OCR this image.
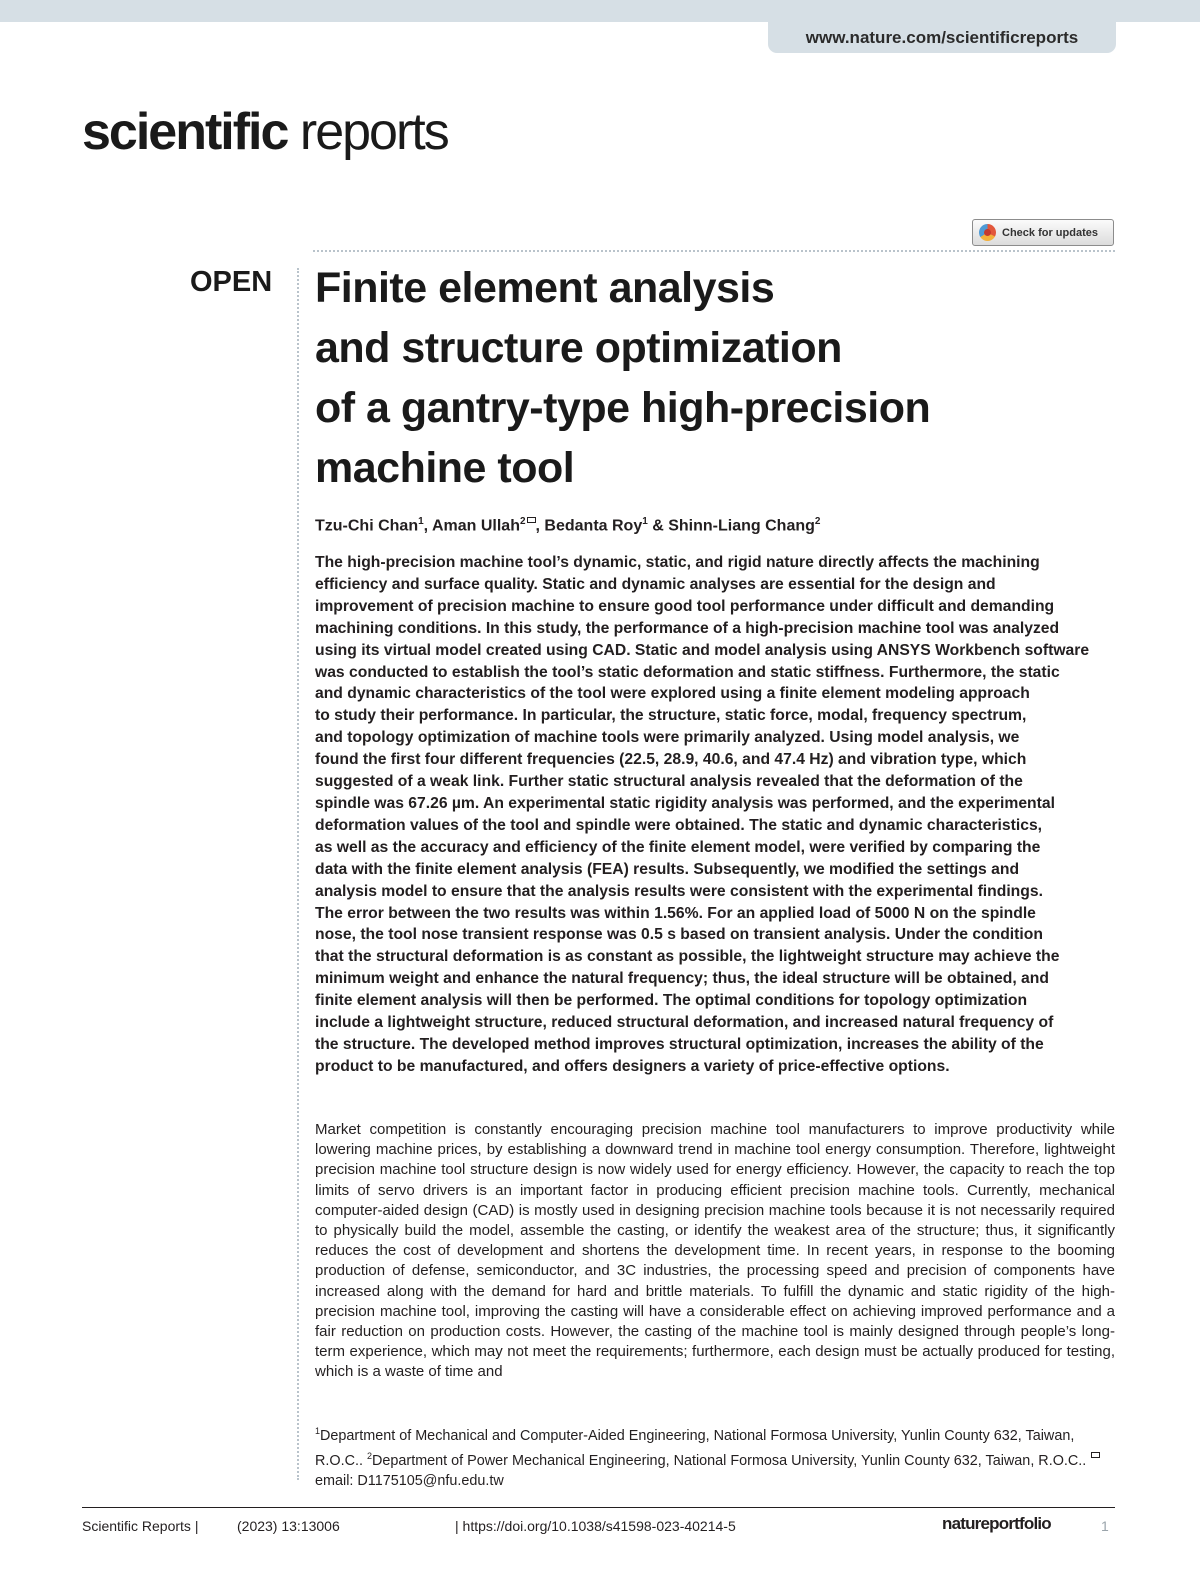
www.nature.com/scientificreports
scientific reports
Check for updates
OPEN Finite element analysis
and structure optimization
of a gantry-type high-precision
machine tool
Tzu-Chi Chan$^1$, Aman Ullah$^2$ , Bedanta Roy$^1$ & Shinn-Liang Chang$^2$
The high-precision machine tool’s dynamic, static, and rigid nature directly affects the machining
efficiency and surface quality. Static and dynamic analyses are essential for the design and
improvement of precision machine to ensure good tool performance under difficult and demanding
machining conditions. In this study, the performance of a high-precision machine tool was analyzed
using its virtual model created using CAD. Static and model analysis using ANSYS Workbench software
was conducted to establish the tool’s static deformation and static stiffness. Furthermore, the static
and dynamic characteristics of the tool were explored using a finite element modeling approach
to study their performance. In particular, the structure, static force, modal, frequency spectrum,
and topology optimization of machine tools were primarily analyzed. Using model analysis, we
found the first four different frequencies (22.5, 28.9, 40.6, and 47.4 Hz) and vibration type, which
suggested of a weak link. Further static structural analysis revealed that the deformation of the
spindle was 67.26 µm. An experimental static rigidity analysis was performed, and the experimental
deformation values of the tool and spindle were obtained. The static and dynamic characteristics,
as well as the accuracy and efficiency of the finite element model, were verified by comparing the
data with the finite element analysis (FEA) results. Subsequently, we modified the settings and
analysis model to ensure that the analysis results were consistent with the experimental findings.
The error between the two results was within 1.56%. For an applied load of 5000 N on the spindle
nose, the tool nose transient response was 0.5 s based on transient analysis. Under the condition
that the structural deformation is as constant as possible, the lightweight structure may achieve the
minimum weight and enhance the natural frequency; thus, the ideal structure will be obtained, and
finite element analysis will then be performed. The optimal conditions for topology optimization
include a lightweight structure, reduced structural deformation, and increased natural frequency of
the structure. The developed method improves structural optimization, increases the ability of the
product to be manufactured, and offers designers a variety of price-effective options.

Market competition is constantly encouraging precision machine tool manufacturers to improve productivity while lowering machine prices, by establishing a downward trend in machine tool energy consumption. Therefore, lightweight precision machine tool structure design is now widely used for energy efficiency. However, the capacity to reach the top limits of servo drivers is an important factor in producing efficient precision machine tools. Currently, mechanical computer-aided design (CAD) is mostly used in designing precision machine tools because it is not necessarily required to physically build the model, assemble the casting, or identify the weakest area of the structure; thus, it significantly reduces the cost of development and shortens the development time. In recent years, in response to the booming production of defense, semiconductor, and 3C industries, the processing speed and precision of components have increased along with the demand for hard and brittle materials. To fulfill the dynamic and static rigidity of the high-precision machine tool, improving the casting will have a considerable effect on achieving improved performance and a fair reduction on production costs. However, the casting of the machine tool is mainly designed through people’s long-term experience, which may not meet the requirements; furthermore, each design must be actually produced for testing, which is a waste of time and

$^1$Department of Mechanical and Computer-Aided Engineering, National Formosa University, Yunlin County 632, Taiwan, R.O.C.. $^2$Department of Power Mechanical Engineering, National Formosa University, Yunlin County 632, Taiwan, R.O.C.. email: D1175105@nfu.edu.tw

Scientific Reports |	(2023) 13:13006	| https://doi.org/10.1038/s41598-023-40214-5	natureportfolio	1
